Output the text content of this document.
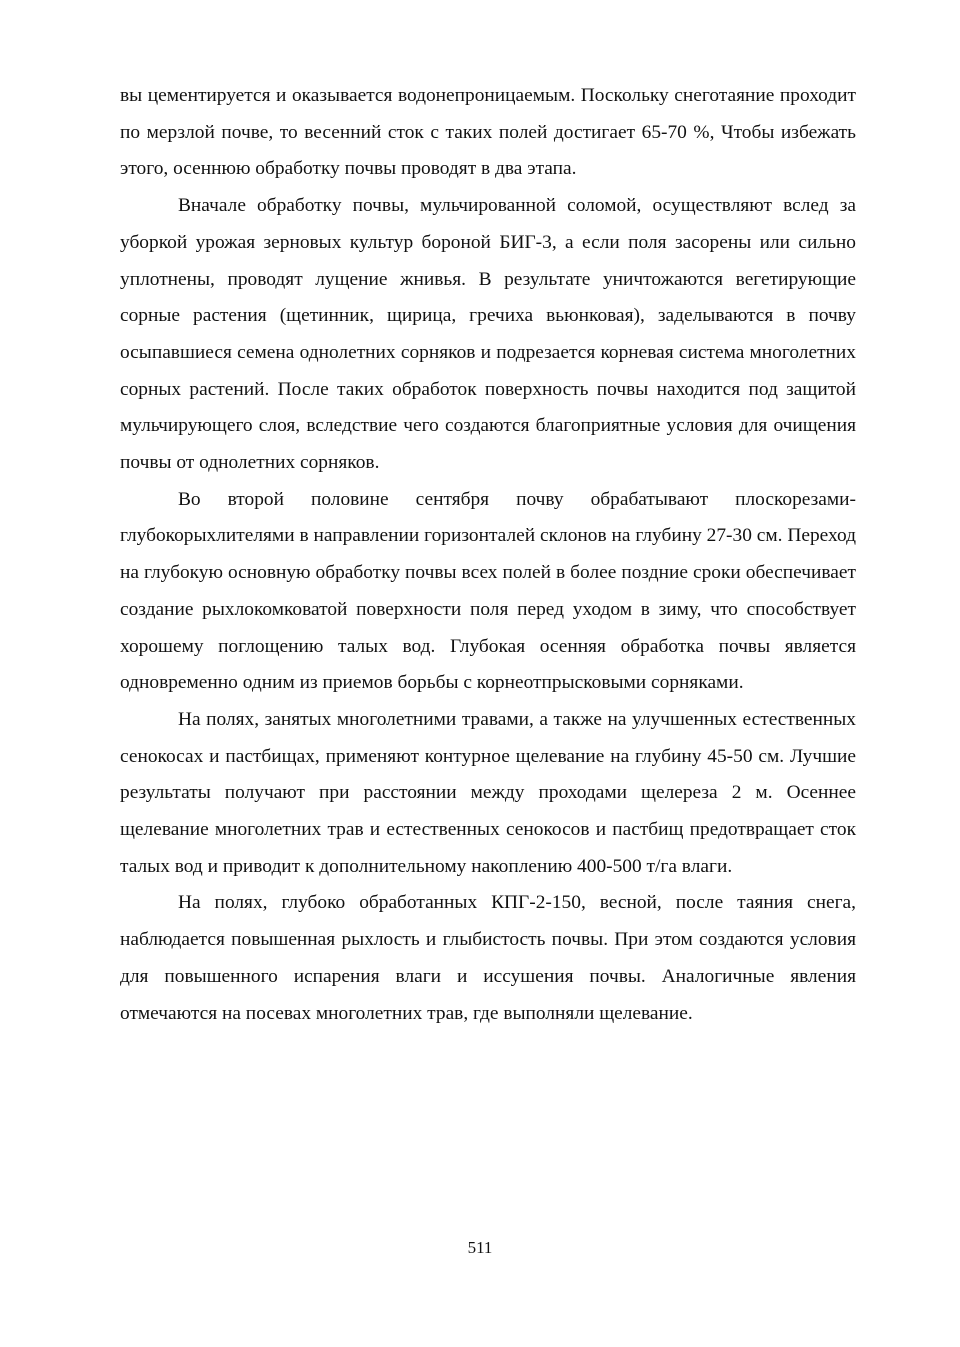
вы цементируется и оказывается водонепроницаемым. Поскольку снеготаяние проходит по мерзлой почве, то весенний сток с таких полей достигает 65-70 %, Чтобы избежать этого, осеннюю обработку почвы проводят в два этапа.

Вначале обработку почвы, мульчированной соломой, осуществляют вслед за уборкой урожая зерновых культур бороной БИГ-3, а если поля засорены или сильно уплотнены, проводят лущение жнивья. В результате уничтожаются вегетирующие сорные растения (щетинник, щирица, гречиха вьюнковая), заделываются в почву осыпавшиеся семена однолетних сорняков и подрезается корневая система многолетних сорных растений. После таких обработок поверхность почвы находится под защитой мульчирующего слоя, вследствие чего создаются благоприятные условия для очищения почвы от однолетних сорняков.

Во второй половине сентября почву обрабатывают плоскорезами-глубокорыхлителями в направлении горизонталей склонов на глубину 27-30 см. Переход на глубокую основную обработку почвы всех полей в более поздние сроки обеспечивает создание рыхлокомковатой поверхности поля перед уходом в зиму, что способствует хорошему поглощению талых вод. Глубокая осенняя обработка почвы является одновременно одним из приемов борьбы с корнеотпрысковыми сорняками.

На полях, занятых многолетними травами, а также на улучшенных естественных сенокосах и пастбищах, применяют контурное щелевание на глубину 45-50 см. Лучшие результаты получают при расстоянии между проходами щелереза 2 м. Осеннее щелевание многолетних трав и естественных сенокосов и пастбищ предотвращает сток талых вод и приводит к дополнительному накоплению 400-500 т/га влаги.

На полях, глубоко обработанных КПГ-2-150, весной, после таяния снега, наблюдается повышенная рыхлость и глыбистость почвы. При этом создаются условия для повышенного испарения влаги и иссушения почвы. Аналогичные явления отмечаются на посевах многолетних трав, где выполняли щелевание.

511
